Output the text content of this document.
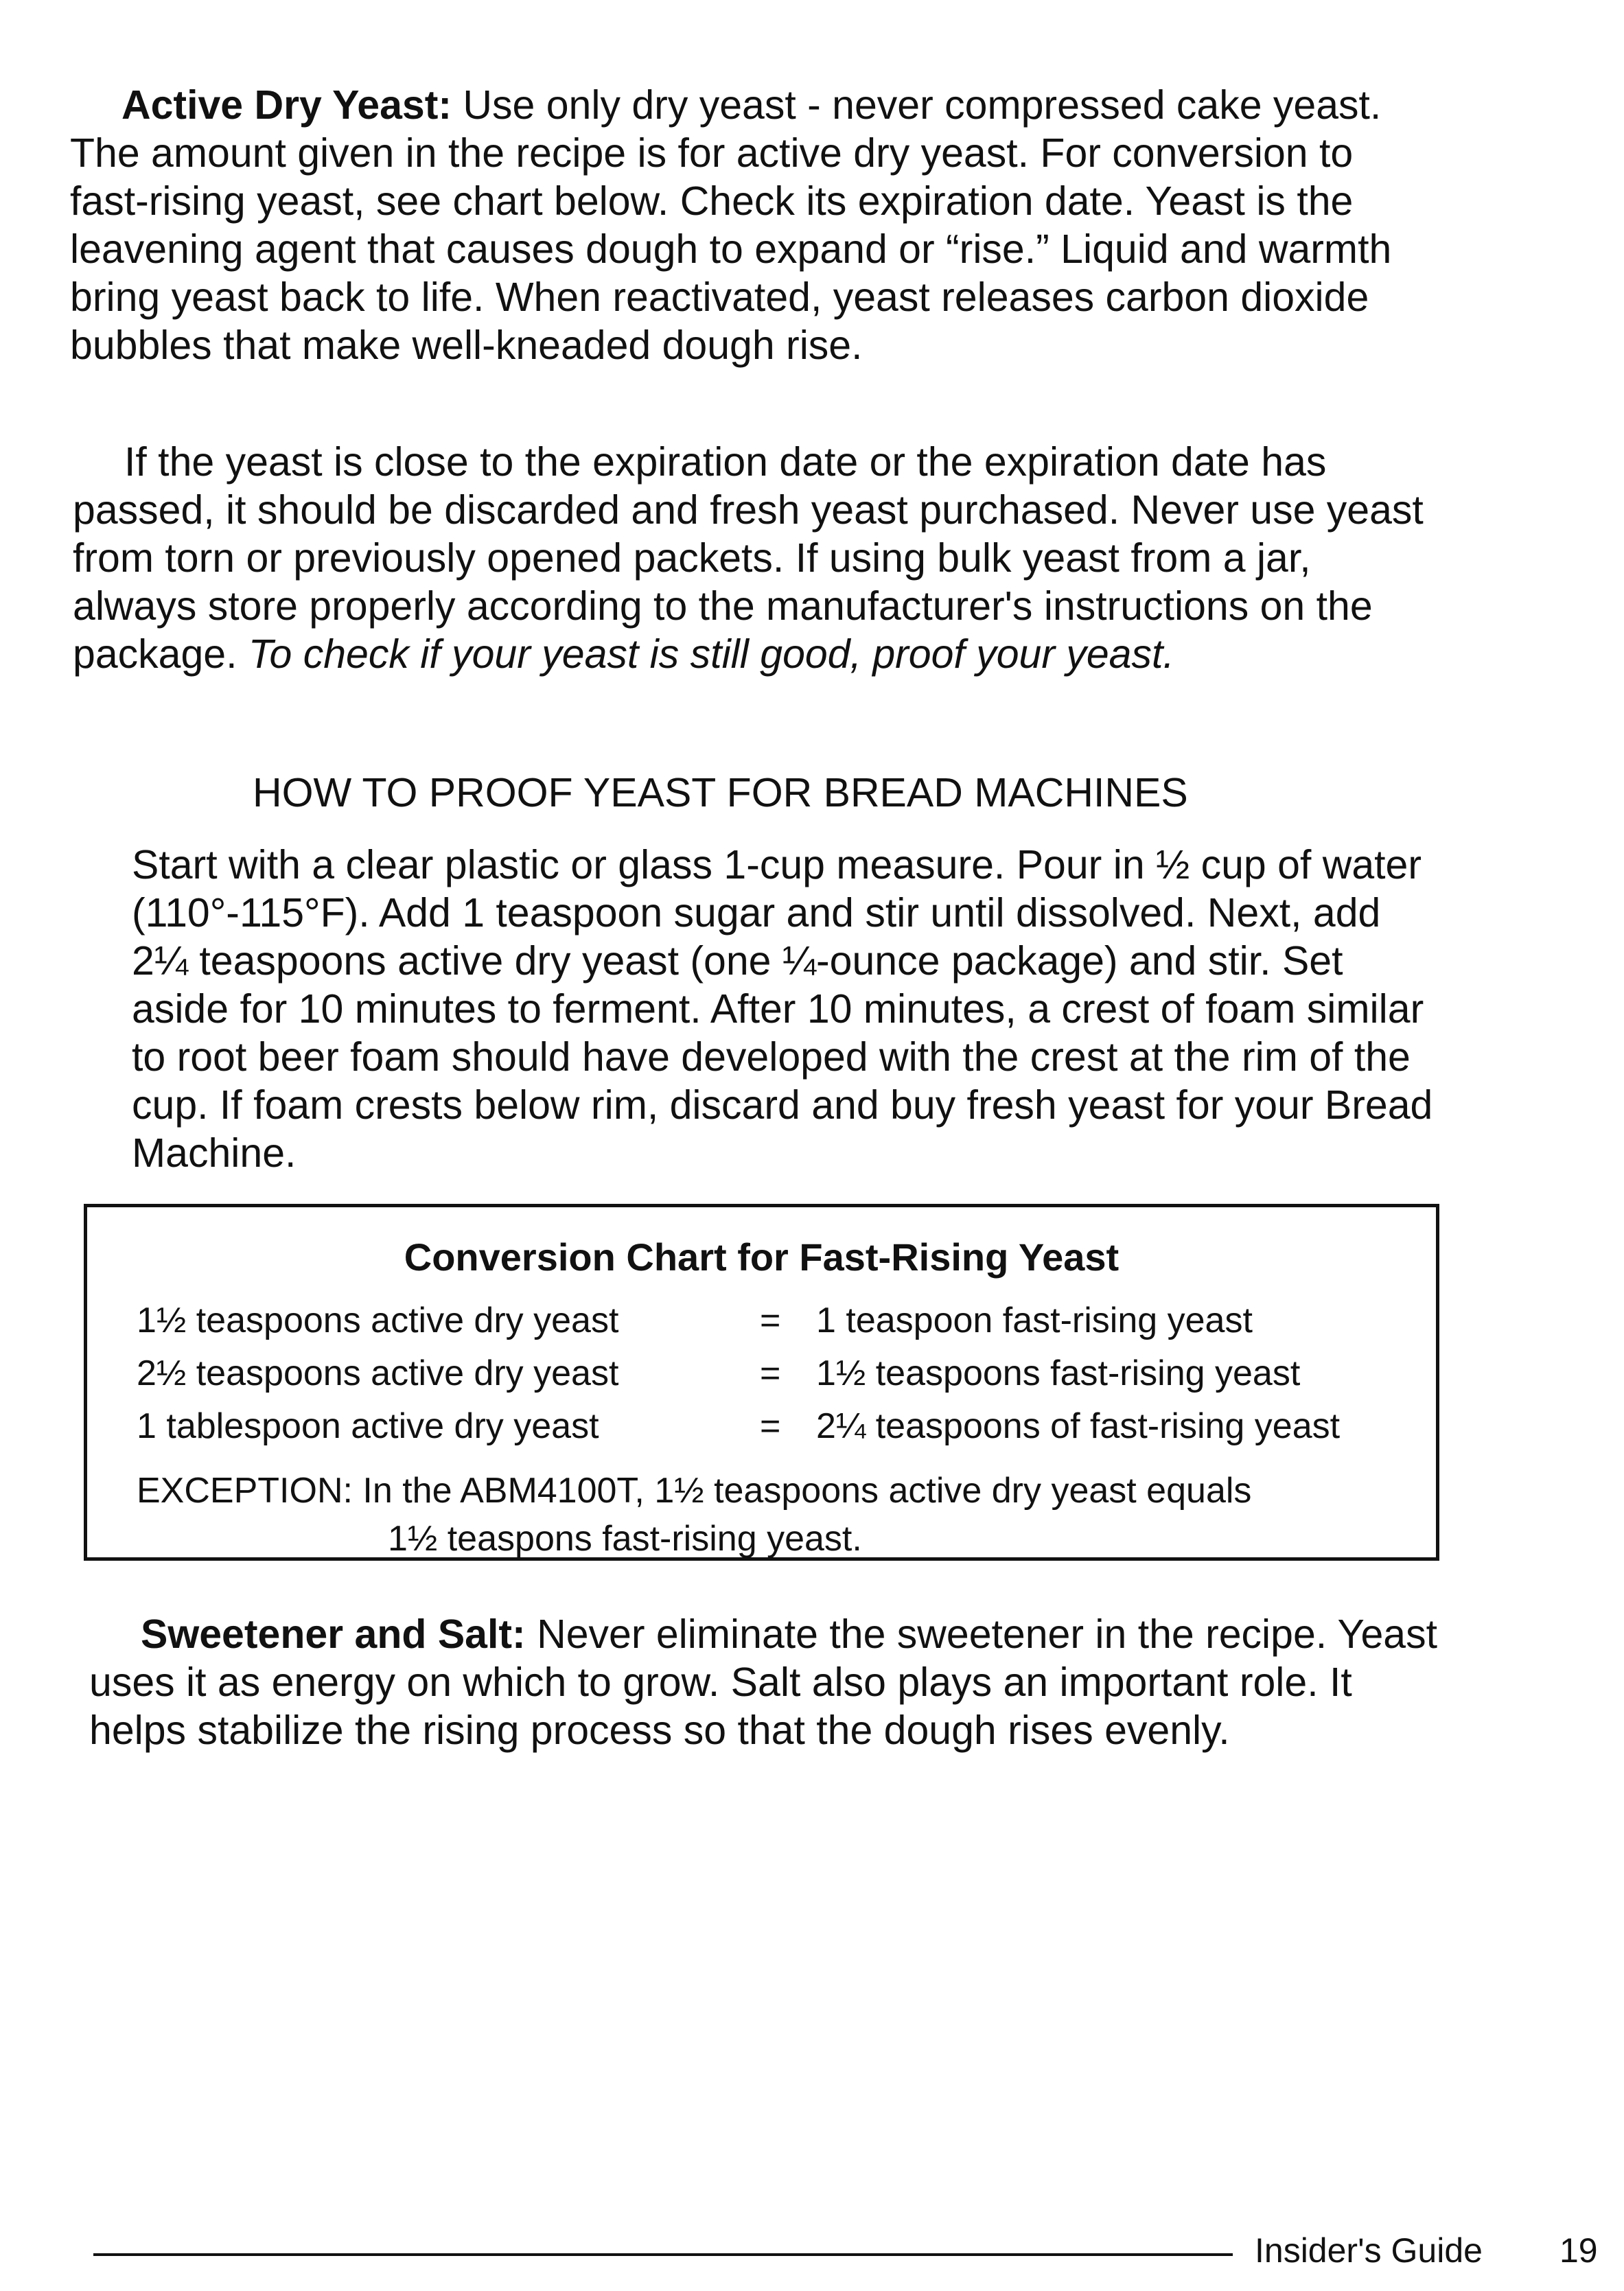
Active Dry Yeast: Use only dry yeast - never compressed cake yeast. The amount given in the recipe is for active dry yeast. For conversion to fast-rising yeast, see chart below. Check its expiration date. Yeast is the leavening agent that causes dough to expand or “rise.” Liquid and warmth bring yeast back to life. When reactivated, yeast releases carbon dioxide bubbles that make well-kneaded dough rise.

If the yeast is close to the expiration date or the expiration date has passed, it should be discarded and fresh yeast purchased. Never use yeast from torn or previously opened packets. If using bulk yeast from a jar, always store properly according to the manufacturer's instructions on the package. To check if your yeast is still good, proof your yeast.

HOW TO PROOF YEAST FOR BREAD MACHINES

Start with a clear plastic or glass 1-cup measure. Pour in ½ cup of water (110°-115°F). Add 1 teaspoon sugar and stir until dissolved. Next, add 2¼ teaspoons active dry yeast (one ¼-ounce package) and stir. Set aside for 10 minutes to ferment. After 10 minutes, a crest of foam similar to root beer foam should have developed with the crest at the rim of the cup. If foam crests below rim, discard and buy fresh yeast for your Bread Machine.

Conversion Chart for Fast-Rising Yeast
1½ teaspoons active dry yeast	= 1 teaspoon fast-rising yeast
2½ teaspoons active dry yeast	= 1½ teaspoons fast-rising yeast
1 tablespoon active dry yeast	= 2¼ teaspoons of fast-rising yeast
EXCEPTION: In the ABM4100T, 1½ teaspoons active dry yeast equals
1½ teaspons fast-rising yeast.

Sweetener and Salt: Never eliminate the sweetener in the recipe. Yeast uses it as energy on which to grow. Salt also plays an important role. It helps stabilize the rising process so that the dough rises evenly.

Insider's Guide 19
